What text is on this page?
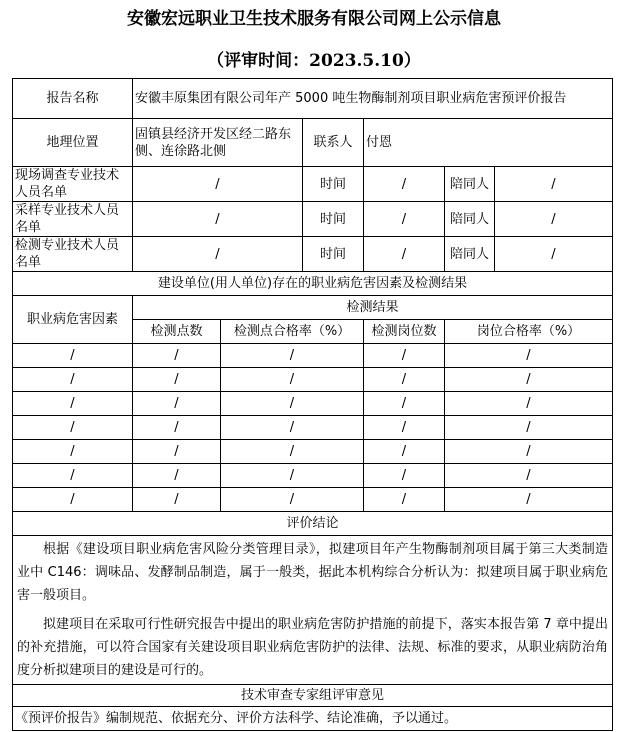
安徽宏远职业卫生技术服务有限公司网上公示信息
（评审时间：2023.5.10）
报告名称	安徽丰原集团有限公司年产 5000 吨生物酶制剂项目职业病危害预评价报告					
地理位置	固镇县经济开发区经二路东侧、连徐路北侧		联系人	付恩		
现场调查专业技术人员名单	/		时间	/	陪同人	/
采样专业技术人员名单	/		时间	/	陪同人	/
检测专业技术人员名单	/		时间	/	陪同人	/
建设单位(用人单位)存在的职业病危害因素及检测结果						
职业病危害因素	检测结果					
	检测点数	检测点合格率（%）		检测岗位数	岗位合格率（%）	
/	/	/		/	/	
/	/	/		/	/	
/	/	/		/	/	
/	/	/		/	/	
/	/	/		/	/	
/	/	/		/	/	
/	/	/		/	/	
评价结论						

根据《建设项目职业病危害风险分类管理目录》，拟建项目年产生物酶制剂项目属于第三大类制造业中 C146：调味品、发酵制品制造，属于一般类，据此本机构综合分析认为：拟建项目属于职业病危害一般项目。
拟建项目在采取可行性研究报告中提出的职业病危害防护措施的前提下，落实本报告第 7 章中提出的补充措施，可以符合国家有关建设项目职业病危害防护的法律、法规、标准的要求，从职业病防治角度分析拟建项目的建设是可行的。						

技术审查专家组评审意见						
《预评价报告》编制规范、依据充分、评价方法科学、结论准确，予以通过。						
